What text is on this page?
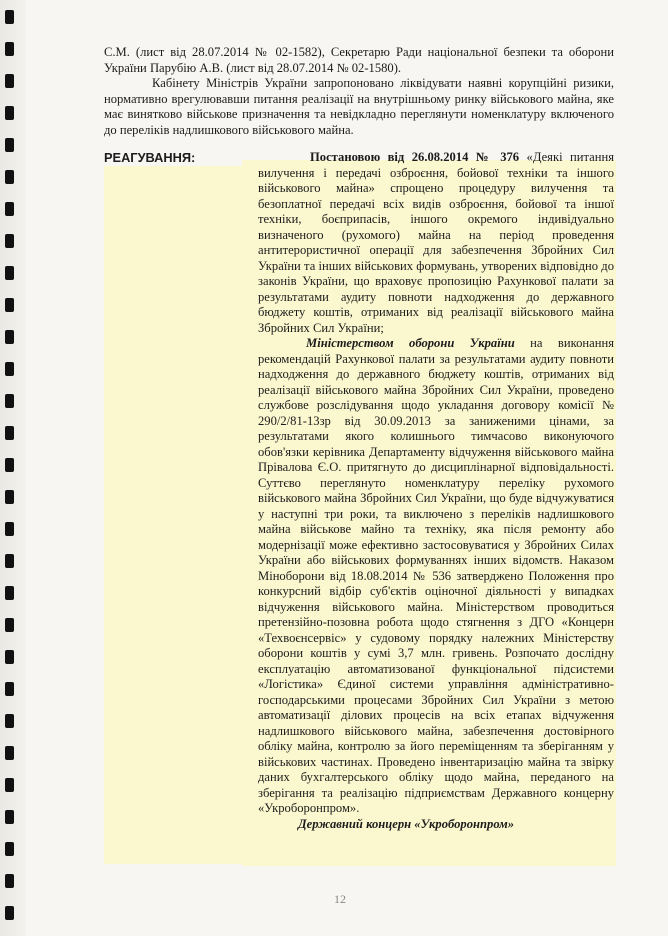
С.М. (лист від 28.07.2014 № 02-1582), Секретарю Ради національної безпеки та оборони України Парубію А.В. (лист від 28.07.2014 № 02-1580).

Кабінету Міністрів України запропоновано ліквідувати наявні корупційні ризики, нормативно врегулювавши питання реалізації на внутрішньому ринку військового майна, яке має винятково військове призначення та невідкладно переглянути номенклатуру включеного до переліків надлишкового військового майна.

РЕАГУВАННЯ:	Постановою від 26.08.2014 № 376 «Деякі питання вилучення і передачі озброєння, бойової техніки та іншого військового майна» спрощено процедуру вилучення та безоплатної передачі всіх видів озброєння, бойової та іншої техніки, боєприпасів, іншого окремого індивідуально визначеного (рухомого) майна на період проведення антитерористичної операції для забезпечення Збройних Сил України та інших військових формувань, утворених відповідно до законів України, що враховує пропозицію Рахункової палати за результатами аудиту повноти надходження до державного бюджету коштів, отриманих від реалізації військового майна Збройних Сил України;

Міністерством оборони України на виконання рекомендацій Рахункової палати за результатами аудиту повноти надходження до державного бюджету коштів, отриманих від реалізації військового майна Збройних Сил України, проведено службове розслідування щодо укладання договору комісії № 290/2/81-13зр від 30.09.2013 за заниженими цінами, за результатами якого колишнього тимчасово виконуючого обов'язки керівника Департаменту відчуження військового майна Прівалова Є.О. притягнуто до дисциплінарної відповідальності. Суттєво переглянуто номенклатуру переліку рухомого військового майна Збройних Сил України, що буде відчужуватися у наступні три роки, та виключено з переліків надлишкового майна військове майно та техніку, яка після ремонту або модернізації може ефективно застосовуватися у Збройних Силах України або військових формуваннях інших відомств. Наказом Міноборони від 18.08.2014 № 536 затверджено Положення про конкурсний відбір суб'єктів оціночної діяльності у випадках відчуження військового майна. Міністерством проводиться претензійно-позовна робота щодо стягнення з ДГО «Концерн «Техвоєнсервіс» у судовому порядку належних Міністерству оборони коштів у сумі 3,7 млн. гривень. Розпочато дослідну експлуатацію автоматизованої функціональної підсистеми «Логістика» Єдиної системи управління адміністративно-господарськими процесами Збройних Сил України з метою автоматизації ділових процесів на всіх етапах відчуження надлишкового військового майна, забезпечення достовірного обліку майна, контролю за його переміщенням та зберіганням у військових частинах. Проведено інвентаризацію майна та звірку даних бухгалтерського обліку щодо майна, переданого на зберігання та реалізацію підприємствам Державного концерну «Укроборонпром».

Державний концерн «Укроборонпром»

12
